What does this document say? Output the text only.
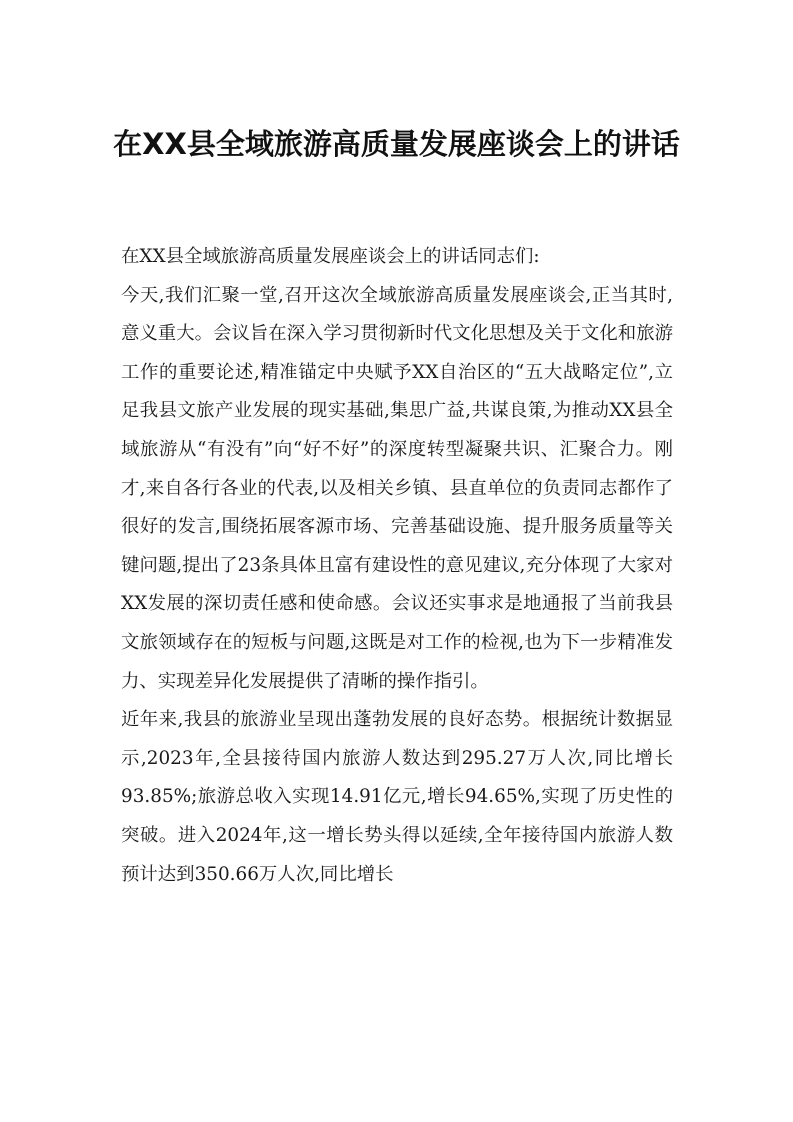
在XX县全域旅游高质量发展座谈会上的讲话

在XX县全域旅游高质量发展座谈会上的讲话同志们:

今天,我们汇聚一堂,召开这次全域旅游高质量发展座谈会,正当其时,意义重大。会议旨在深入学习贯彻新时代文化思想及关于文化和旅游工作的重要论述,精准锚定中央赋予XX自治区的“五大战略定位”,立足我县文旅产业发展的现实基础,集思广益,共谋良策,为推动XX县全域旅游从“有没有”向“好不好”的深度转型凝聚共识、汇聚合力。刚才,来自各行各业的代表,以及相关乡镇、县直单位的负责同志都作了很好的发言,围绕拓展客源市场、完善基础设施、提升服务质量等关键问题,提出了23条具体且富有建设性的意见建议,充分体现了大家对XX发展的深切责任感和使命感。会议还实事求是地通报了当前我县文旅领域存在的短板与问题,这既是对工作的检视,也为下一步精准发力、实现差异化发展提供了清晰的操作指引。

近年来,我县的旅游业呈现出蓬勃发展的良好态势。根据统计数据显示,2023年,全县接待国内旅游人数达到295.27万人次,同比增长93.85%;旅游总收入实现14.91亿元,增长94.65%,实现了历史性的突破。进入2024年,这一增长势头得以延续,全年接待国内旅游人数预计达到350.66万人次,同比增长
